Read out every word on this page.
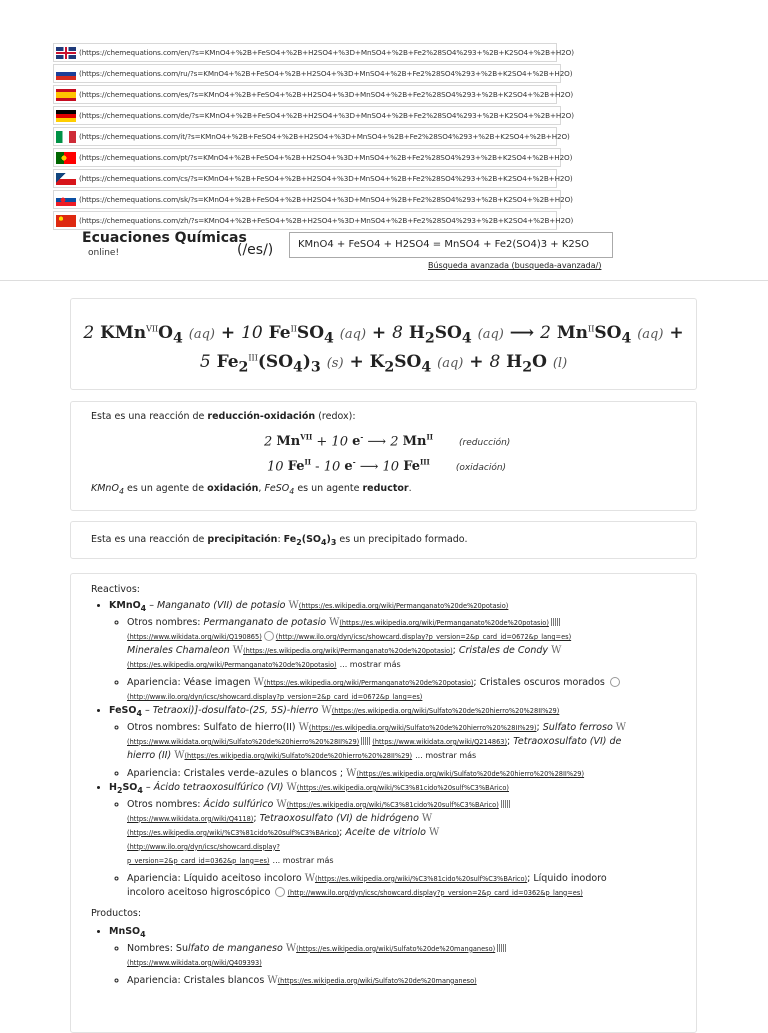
(https://chemequations.com/en/?s=KMnO4+%2B+FeSO4+%2B+H2SO4+%3D+MnSO4+%2B+Fe2%28SO4%293+%2B+K2SO4+%2B+H2O)
(https://chemequations.com/ru/?s=KMnO4+%2B+FeSO4+%2B+H2SO4+%3D+MnSO4+%2B+Fe2%28SO4%293+%2B+K2SO4+%2B+H2O)
(https://chemequations.com/es/?s=KMnO4+%2B+FeSO4+%2B+H2SO4+%3D+MnSO4+%2B+Fe2%28SO4%293+%2B+K2SO4+%2B+H2O)
(https://chemequations.com/de/?s=KMnO4+%2B+FeSO4+%2B+H2SO4+%3D+MnSO4+%2B+Fe2%28SO4%293+%2B+K2SO4+%2B+H2O)
(https://chemequations.com/it/?s=KMnO4+%2B+FeSO4+%2B+H2SO4+%3D+MnSO4+%2B+Fe2%28SO4%293+%2B+K2SO4+%2B+H2O)
(https://chemequations.com/pt/?s=KMnO4+%2B+FeSO4+%2B+H2SO4+%3D+MnSO4+%2B+Fe2%28SO4%293+%2B+K2SO4+%2B+H2O)
(https://chemequations.com/cs/?s=KMnO4+%2B+FeSO4+%2B+H2SO4+%3D+MnSO4+%2B+Fe2%28SO4%293+%2B+K2SO4+%2B+H2O)
(https://chemequations.com/sk/?s=KMnO4+%2B+FeSO4+%2B+H2SO4+%3D+MnSO4+%2B+Fe2%28SO4%293+%2B+K2SO4+%2B+H2O)
(https://chemequations.com/zh/?s=KMnO4+%2B+FeSO4+%2B+H2SO4+%3D+MnSO4+%2B+Fe2%28SO4%293+%2B+K2SO4+%2B+H2O)
Ecuaciones Químicas
online!	(/es/)	KMnO4 + FeSO4 + H2SO4 = MnSO4 + Fe2(SO4)3 + K2SO
Búsqueda avanzada (busqueda-avanzada/)
2 $KMn^{VII}O_4$ (aq) + 10 $Fe^{II}SO_4$ (aq) + 8 $H_2SO_4$ (aq) ⟶ 2 $Mn^{II}SO_4$ (aq) +
5 $Fe_2^{III}(SO_4)_3$ $(s) + K_2SO_4$ (aq) + 8 $H_2O$ (l)
Esta es una reacción de reducción-oxidación (redox):
2 $Mn^{VII} + 10$ e- ⟶ 2 $Mn^{II}(reducción)$
10 $Fe^{II} - 10$ e- ⟶ 10 $Fe^{III}(oxidación)$
KMnO$_4$ es un agente de oxidación, FeSO$_4$ es un agente reductor.
Esta es una reacción de precipitación: $Fe_2(SO_4)_3$ es un precipitado formado.
Reactivos:
• KMnO$_4$ – Manganato (VII) de potasio W(https://es.wikipedia.org/wiki/Permanganato%20de%20potasio)
◦ Otros nombres: Permanganato de potasio W(https://es.wikipedia.org/wiki/Permanganato%20de%20potasio) (https://www.wikidata.org/wiki/Q190865) (http://www.ilo.org/dyn/icsc/showcard.display?p_version=2&p_card_id=0672&p_lang=es)
Minerales Chamaleon W(https://es.wikipedia.org/wiki/Permanganato%20de%20potasio); Cristales de Condy W
(https://es.wikipedia.org/wiki/Permanganato%20de%20potasio) ... mostrar más
◦ Apariencia: Véase imagen W(https://es.wikipedia.org/wiki/Permanganato%20de%20potasio); Cristales oscuros morados
(http://www.ilo.org/dyn/icsc/showcard.display?p_version=2&p_card_id=0672&p_lang=es)
• FeSO$_4$ – Tetraoxi)]-dosulfato-(2S, 5S)-hierro W(https://es.wikipedia.org/wiki/Sulfato%20de%20hierro%20%28II%29)
◦ Otros nombres: Sulfato de hierro(II) W(https://es.wikipedia.org/wiki/Sulfato%20de%20hierro%20%28II%29); Sulfato ferroso W
(https://www.wikidata.org/wiki/Sulfato%20de%20hierro%20%28II%29) (https://www.wikidata.org/wiki/Q214863); Tetraoxosulfato (VI) de
hierro (II) W(https://es.wikipedia.org/wiki/Sulfato%20de%20hierro%20%28II%29) ... mostrar más
◦ Apariencia: Cristales verde-azules o blancos ; W(https://es.wikipedia.org/wiki/Sulfato%20de%20hierro%20%28II%29)
• $H_2SO_4$ – Ácido tetraoxosulfúrico (VI) W(https://es.wikipedia.org/wiki/%C3%81cido%20sulf%C3%BArico)
◦ Otros nombres: Ácido sulfúrico W(https://es.wikipedia.org/wiki/%C3%81cido%20sulf%C3%BArico)
(https://www.wikidata.org/wiki/Q4118); Tetraoxosulfato (VI) de hidrógeno W
(https://es.wikipedia.org/wiki/%C3%81cido%20sulf%C3%BArico); Aceite de vitriolo W
(http://www.ilo.org/dyn/icsc/showcard.display?
p_version=2&p_card_id=0362&p_lang=es) ... mostrar más
◦ Apariencia: Líquido aceitoso incoloro W(https://es.wikipedia.org/wiki/%C3%81cido%20sulf%C3%BArico); Líquido inodoro
incoloro aceitoso higroscópico	(http://www.ilo.org/dyn/icsc/showcard.display?p_version=2&p_card_id=0362&p_lang=es)
Productos:
• MnSO$_4$
◦ Nombres: Sulfato de manganeso W(https://es.wikipedia.org/wiki/Sulfato%20de%20manganeso)
(https://www.wikidata.org/wiki/Q409393)
◦ Apariencia: Cristales blancos W(https://es.wikipedia.org/wiki/Sulfato%20de%20manganeso)
